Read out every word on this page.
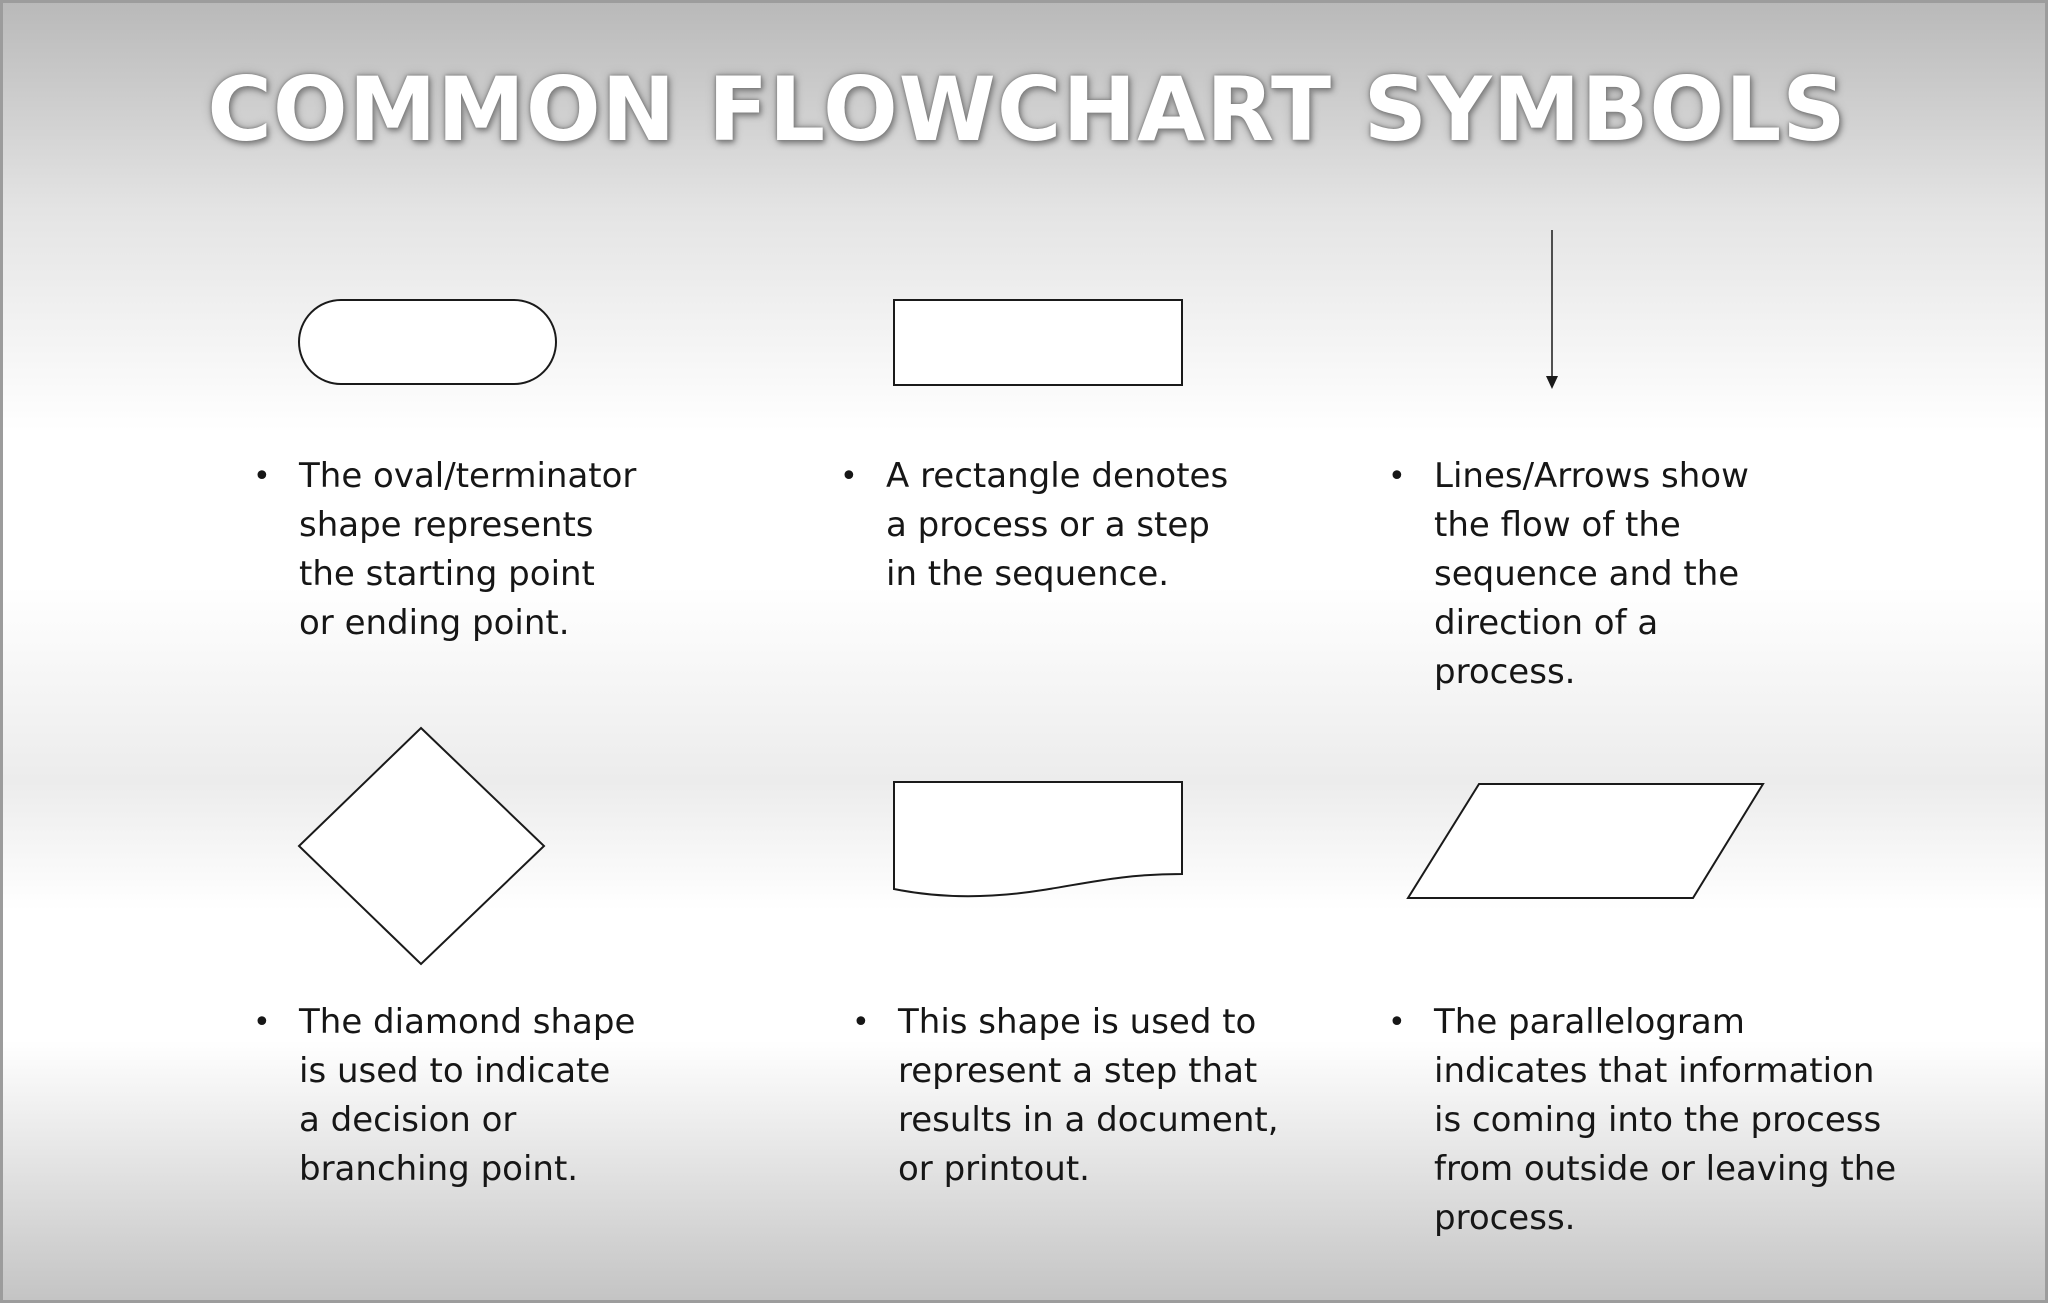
COMMON FLOWCHART SYMBOLS
• The oval/terminator
shape represents
the starting point
or ending point.
• A rectangle denotes
a process or a step
in the sequence.
• Lines/Arrows show
the flow of the
sequence and the
direction of a
process.
• The diamond shape
is used to indicate
a decision or
branching point.
• This shape is used to
represent a step that
results in a document,
or printout.
• The parallelogram
indicates that information
is coming into the process
from outside or leaving the
process.
